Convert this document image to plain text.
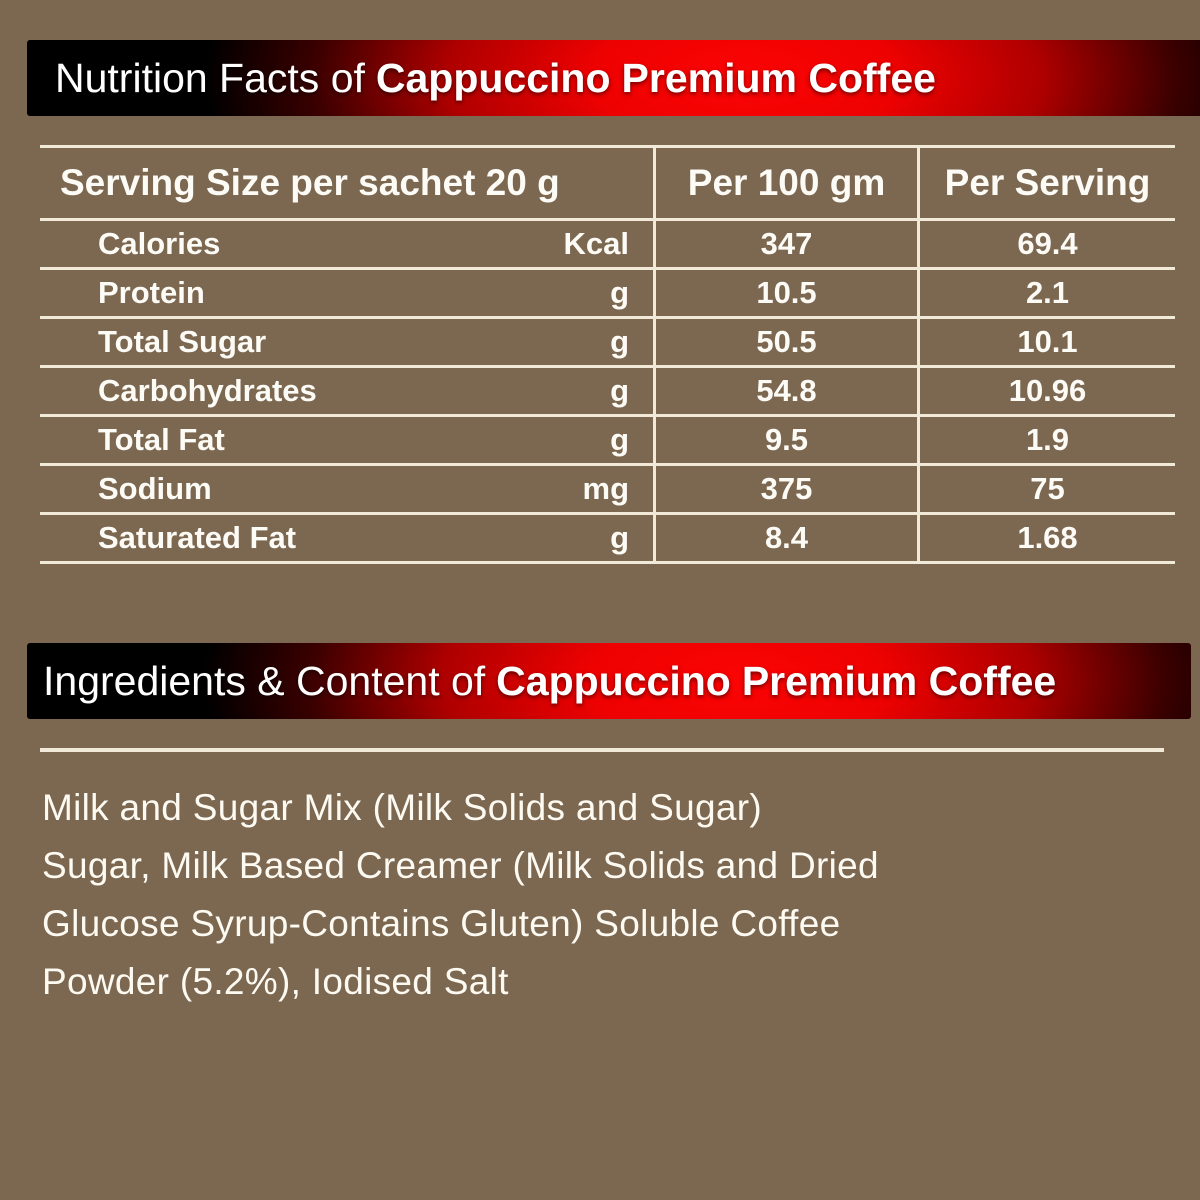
Nutrition Facts of Cappuccino Premium Coffee
Serving Size per sachet 20 g	Per 100 gm	Per Serving
Calories	Kcal	347	69.4
Protein	g	10.5	2.1
Total Sugar	g	50.5	10.1
Carbohydrates	g	54.8	10.96
Total Fat	g	9.5	1.9
Sodium	mg	375	75
Saturated Fat	g	8.4	1.68
Ingredients & Content of Cappuccino Premium Coffee
Milk and Sugar Mix (Milk Solids and Sugar)
Sugar, Milk Based Creamer (Milk Solids and Dried
Glucose Syrup-Contains Gluten) Soluble Coffee
Powder (5.2%), Iodised Salt
